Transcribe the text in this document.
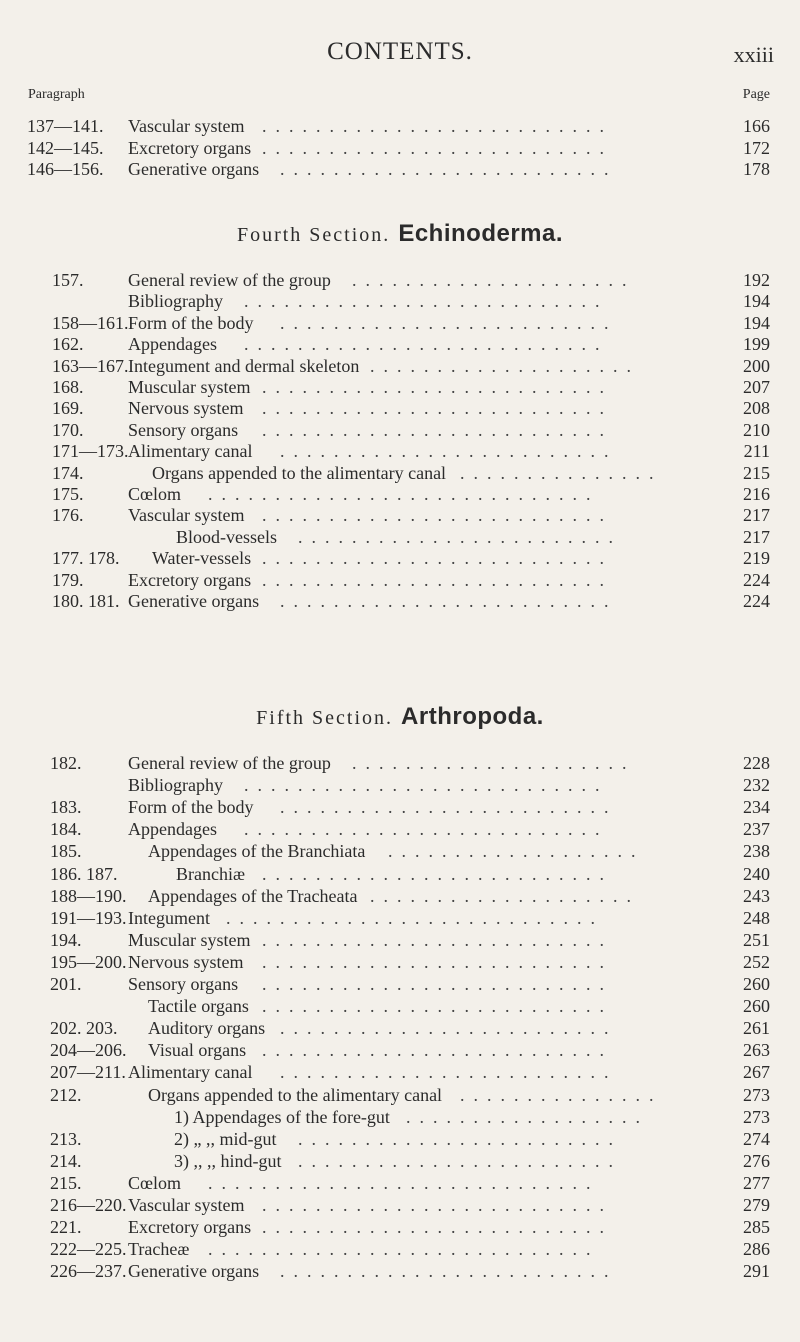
CONTENTS.	xxiii
Paragraph	Page
137—141. Vascular system	166
..........................
142—145. Excretory organs	172
..........................
146—156. Generative organs	178
.........................
Fourth Section. Echinoderma.
157. General review of the group	192
.....................
Bibliography	194
...........................
158—161. Form of the body	194
.........................
162. Appendages	199
...........................
163—167. Integument and dermal skeleton	200
....................
168. Muscular system	207
..........................
169. Nervous system	208
..........................
170. Sensory organs	210
..........................
171—173. Alimentary canal	211
.........................
174.	Organs appended to the alimentary canal	215
...............
175. Cœlom	216
.............................
176. Vascular system	217
..........................
Blood-vessels	217
........................
177. 178. Water-vessels	219
..........................
179. Excretory organs	224
..........................
180. 181. Generative organs	224
.........................
Fifth Section. Arthropoda.
182.	General review of the group	228
.....................
Bibliography	232
...........................
183.	Form of the body	234
.........................
184.	Appendages	237
...........................
185.	Appendages of the Branchiata	238
...................
186. 187.	Branchiæ	240
..........................
188—190. Appendages of the Tracheata	243
....................
191—193. Integument	248
............................
194.	Muscular system	251
..........................
195—200. Nervous system	252
..........................
201.	Sensory organs	260
..........................
Tactile organs	260
..........................
202. 203. Auditory organs	261
.........................
204—206. Visual organs	263
..........................
207—211. Alimentary canal	267
.........................
212.	Organs appended to the alimentary canal	273
...............
1) Appendages of the fore-gut	273
..................
213.	2) „ ,, mid-gut	274
........................
214.	3) ,, ,, hind-gut	276
........................
215.	Cœlom	277
.............................
216—220. Vascular system	279
..........................
221.	Excretory organs	285
..........................
222—225. Tracheæ	286
.............................
226—237. Generative organs	291
.........................
